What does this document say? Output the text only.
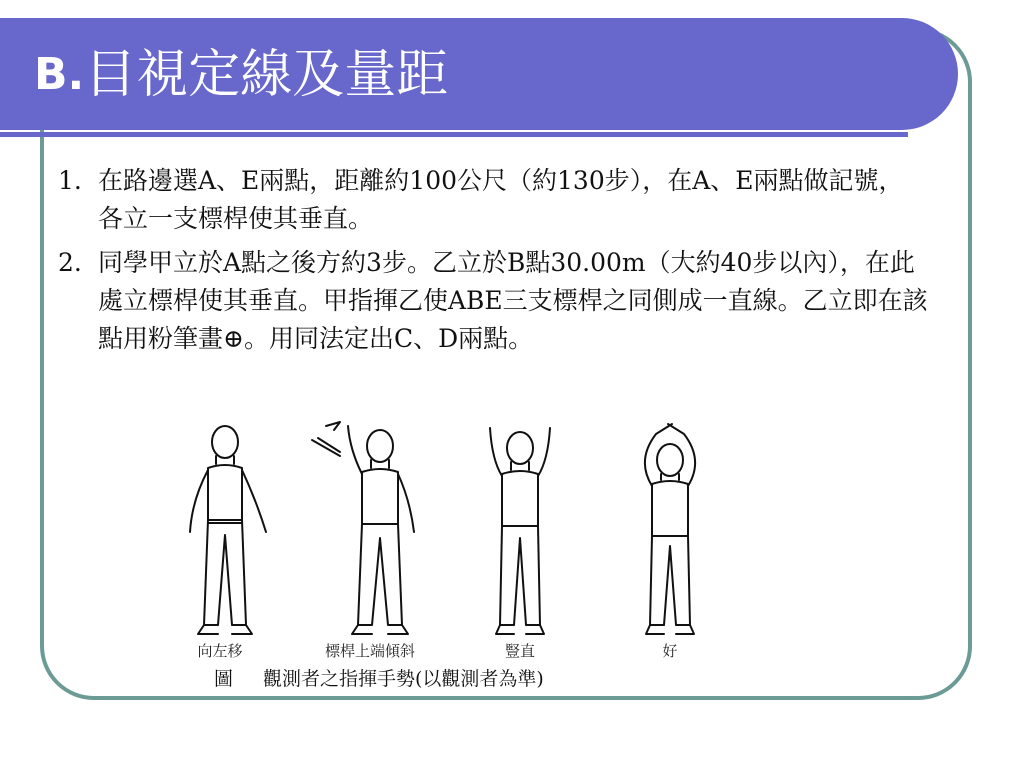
$^{B.}$目視定線及量距
1. 在路邊選A、E兩點，距離約100公尺（約130步），在A、E兩點做記號，各立一支標桿使其垂直。
2. 同學甲立於A點之後方約3步。乙立於B點30.00m（大約40步以內），在此處立標桿使其垂直。甲指揮乙使ABE三支標桿之同側成一直線。乙立即在該點用粉筆畫⊕。用同法定出C、D兩點。
向左移	標桿上端傾斜	豎直	好
圖 觀測者之指揮手勢(以觀測者為準)
